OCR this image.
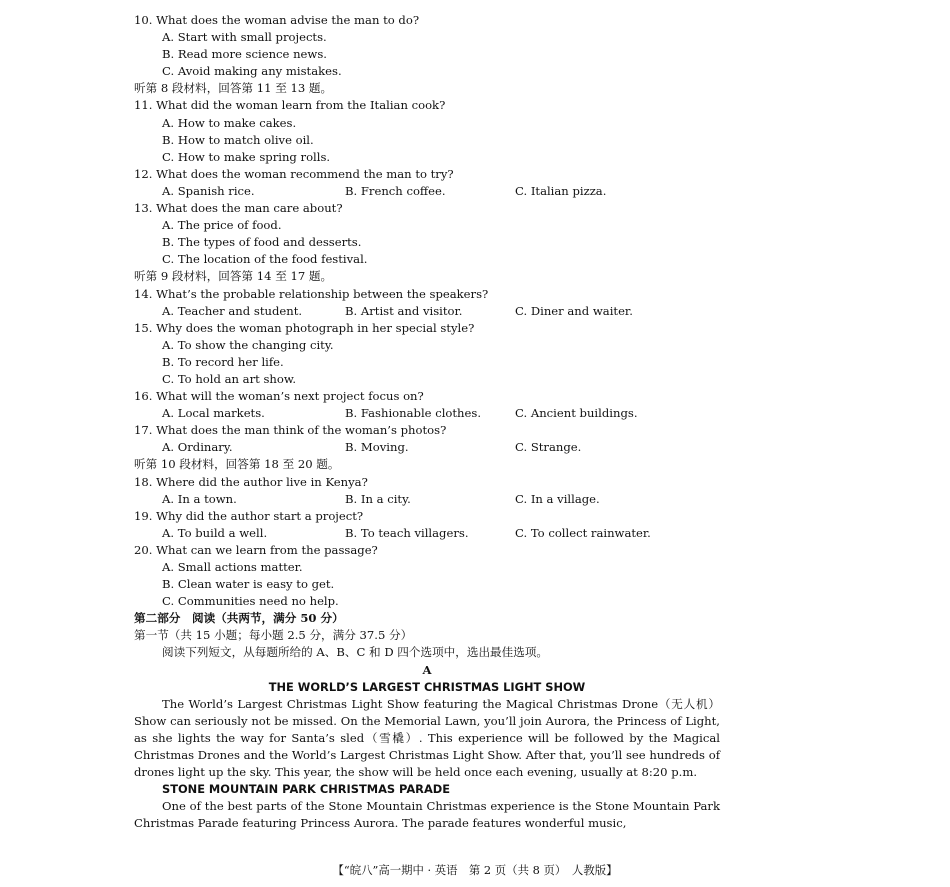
10. What does the woman advise the man to do?
A. Start with small projects.
B. Read more science news.
C. Avoid making any mistakes.
听第 8 段材料，回答第 11 至 13 题。
11. What did the woman learn from the Italian cook?
A. How to make cakes.
B. How to match olive oil.
C. How to make spring rolls.
12. What does the woman recommend the man to try?
A. Spanish rice.	B. French coffee.	C. Italian pizza.
13. What does the man care about?
A. The price of food.
B. The types of food and desserts.
C. The location of the food festival.
听第 9 段材料，回答第 14 至 17 题。
14. What’s the probable relationship between the speakers?
A. Teacher and student.	B. Artist and visitor.	C. Diner and waiter.
15. Why does the woman photograph in her special style?
A. To show the changing city.
B. To record her life.
C. To hold an art show.
16. What will the woman’s next project focus on?
A. Local markets.	B. Fashionable clothes.	C. Ancient buildings.
17. What does the man think of the woman’s photos?
A. Ordinary.	B. Moving.	C. Strange.
听第 10 段材料，回答第 18 至 20 题。
18. Where did the author live in Kenya?
A. In a town.	B. In a city.	C. In a village.
19. Why did the author start a project?
A. To build a well.	B. To teach villagers.	C. To collect rainwater.
20. What can we learn from the passage?
A. Small actions matter.
B. Clean water is easy to get.
C. Communities need no help.
第二部分　阅读（共两节，满分 50 分）
第一节（共 15 小题；每小题 2.5 分，满分 37.5 分）
阅读下列短文，从每题所给的 A、B、C 和 D 四个选项中，选出最佳选项。
A
THE WORLD’S LARGEST CHRISTMAS LIGHT SHOW
The World’s Largest Christmas Light Show featuring the Magical Christmas Drone（无人机）Show can seriously not be missed. On the Memorial Lawn, you’ll join Aurora, the Princess of Light, as she lights the way for Santa’s sled（雪橇）. This experience will be followed by the Magical Christmas Drones and the World’s Largest Christmas Light Show. After that, you’ll see hundreds of drones light up the sky. This year, the show will be held once each evening, usually at 8:20 p.m.
STONE MOUNTAIN PARK CHRISTMAS PARADE
One of the best parts of the Stone Mountain Christmas experience is the Stone Mountain Park Christmas Parade featuring Princess Aurora. The parade features wonderful music,
【“皖八”高一期中 · 英语　第 2 页（共 8 页）　人教版】
